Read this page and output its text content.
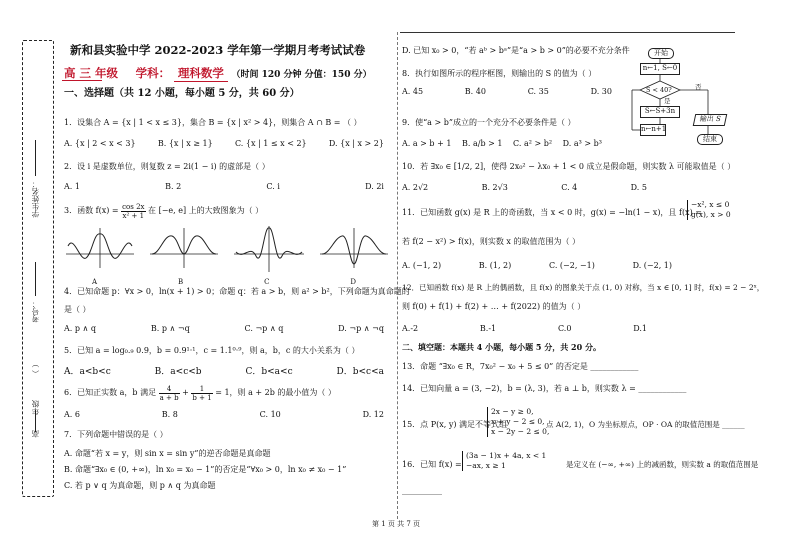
学生姓名：
考号：
（ ）
年级
高
新和县实验中学 2022-2023 学年第一学期月考考试试卷
高 三 年级 学科： 理科数学 （时间 120 分钟 分值：150 分）
一、选择题（共 12 小题，每小题 5 分，共 60 分）
1．设集合 A = {x | 1 < x ≤ 3}，集合 B = {x | x² > 4}，则集合 A ∩ B = （ ）
A. {x | 2 < x < 3}	B. {x | x ≥ 1}	C. {x | 1 ≤ x < 2}	D. {x | x > 2}
2．设 i 是虚数单位，则复数 z = 2i(1 − i) 的虚部是（ ）
A. 1	B. 2	C. i	D. 2i
3．函数 $f(x) = \frac{\cos 2x}{\text{x² + 1}}$ 在 [−e, e] 上的大致图象为（ ）
A	B	C	D
4．已知命题 p：∀x > 0，ln(x + 1) > 0；命题 q：若 a > b，则 a² > b²，下列命题为真命题的
是（ ）
A. p ∧ q	B. p ∧ ¬q	C. ¬p ∧ q	D. ¬p ∧ ¬q
5．已知 a = log₀.₉ 0.9，b = 0.9¹·¹，c = 1.1⁰·⁹，则 a，b，c 的大小关系为（ ）
A．a<b<c	B．a<c<b	C．b<a<c	D．b<c<a
6．已知正实数 a，b 满足 $\frac{4}{a + b} + \frac{1}{b + 1} = 1$，则 a + 2b 的最小值为（ ）
A. 6	B. 8	C. 10	D. 12
7．下列命题中错误的是（ ）
A. 命题“若 x = y，则 sin x = sin y”的逆否命题是真命题
B. 命题“∃x₀ ∈ (0, +∞)，ln x₀ = x₀ − 1”的否定是“∀x₀ > 0，ln x₀ ≠ x₀ − 1”
C. 若 p ∨ q 为真命题，则 p ∧ q 为真命题
D. 已知 x₀ > 0，“若 aᵇ > bᵃ”是“a > b > 0”的必要不充分条件
8．执行如图所示的程序框图，则输出的 S 的值为（ ）
A. 45	B. 40	C. 35	D. 30
开始
n←1, S←0
S < 40?
是
否
S←S+3n
n←n+1
输出 S
结束
9．使“a > b”成立的一个充分不必要条件是（ ）
A. a > b + 1 B. a/b > 1 C. a² > b² D. a³ > b³
10．若 ∃x₀ ∈ [1/2, 2]，使得 2x₀² − λx₀ + 1 < 0 成立是假命题，则实数 λ 可能取值是（ ）
A. 2√2	B. 2√3	C. 4	D. 5
11．已知函数 g(x) 是 R 上的奇函数，当 x < 0 时，g(x) = −ln(1 − x)，且 f(x) =
−x², x ≤ 0
g(x), x > 0
若 f(2 − x²) > f(x)，则实数 x 的取值范围为（ ）
A. (−1, 2)	B. (1, 2)	C. (−2, −1)	D. (−2, 1)
12．已知函数 f(x) 是 R 上的偶函数，且 f(x) 的图象关于点 (1, 0) 对称，当 x ∈ [0, 1] 时，f(x) = 2 − 2ˣ，
则 f(0) + f(1) + f(2) + … + f(2022) 的值为（ ）
A.-2	B.-1	C.0	D.1
二、填空题：本题共 4 小题，每小题 5 分，共 20 分。
13．命题 “∃x₀ ∈ R，7x₀² − x₀ + 5 ≤ 0” 的否定是 ____________
14．已知向量 a = (3, −2)，b = (λ, 3)，若 a ⊥ b，则实数 λ = ____________
15．点 P(x, y) 满足不等式组
2x − y ≥ 0,
x + y − 2 ≤ 0,
x − 2y − 2 ≤ 0,
点 A(2, 1)，O 为坐标原点，OP · OA 的取值范围是 ______
16．已知 f(x) =
(3a − 1)x + 4a, x < 1
−ax, x ≥ 1	是定义在 (−∞, +∞) 上的减函数，则实数 a 的取值范围是
__________
第 1 页 共 7 页
